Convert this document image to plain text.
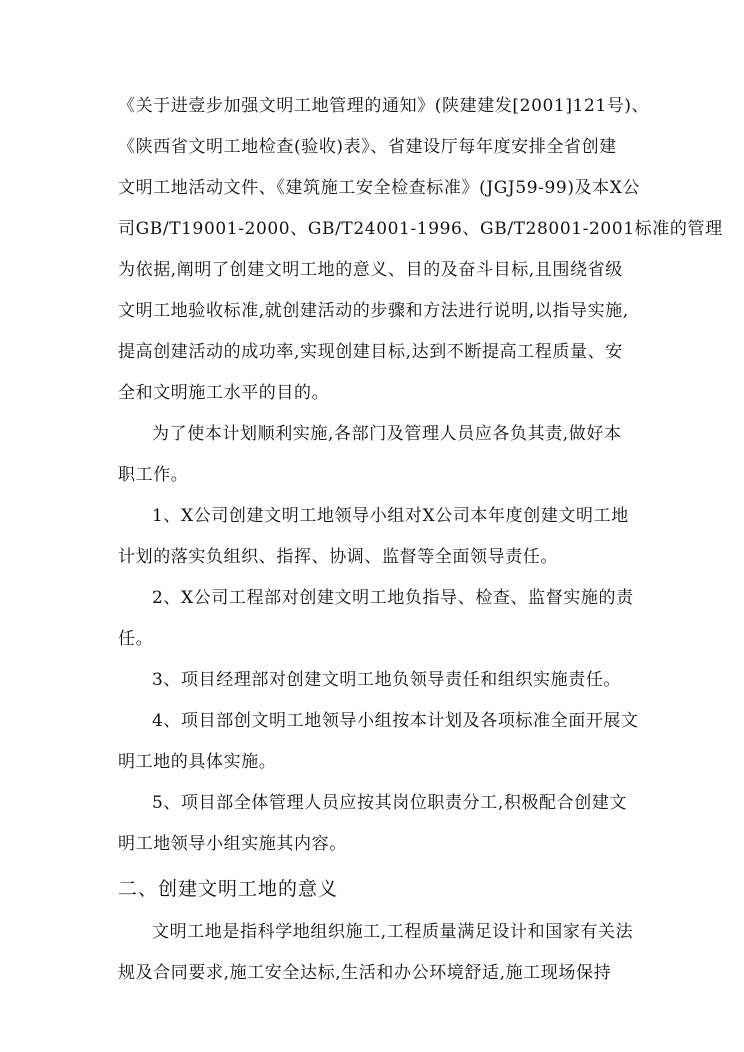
《关于进壹步加强文明工地管理的通知》(陕建建发[2001]121号)、
《陕西省文明工地检查(验收)表》、省建设厅每年度安排全省创建
文明工地活动文件、《建筑施工安全检查标准》(JGJ59-99)及本X公
司GB/T19001-2000、GB/T24001-1996、GB/T28001-2001标准的管理
为依据,阐明了创建文明工地的意义、目的及奋斗目标,且围绕省级
文明工地验收标准,就创建活动的步骤和方法进行说明,以指导实施,
提高创建活动的成功率,实现创建目标,达到不断提高工程质量、安
全和文明施工水平的目的。
为了使本计划顺利实施,各部门及管理人员应各负其责,做好本
职工作。
1、X公司创建文明工地领导小组对X公司本年度创建文明工地
计划的落实负组织、指挥、协调、监督等全面领导责任。
2、X公司工程部对创建文明工地负指导、检查、监督实施的责
任。
3、项目经理部对创建文明工地负领导责任和组织实施责任。
4、项目部创文明工地领导小组按本计划及各项标准全面开展文
明工地的具体实施。
5、项目部全体管理人员应按其岗位职责分工,积极配合创建文
明工地领导小组实施其内容。
二、创建文明工地的意义
文明工地是指科学地组织施工,工程质量满足设计和国家有关法
规及合同要求,施工安全达标,生活和办公环境舒适,施工现场保持
